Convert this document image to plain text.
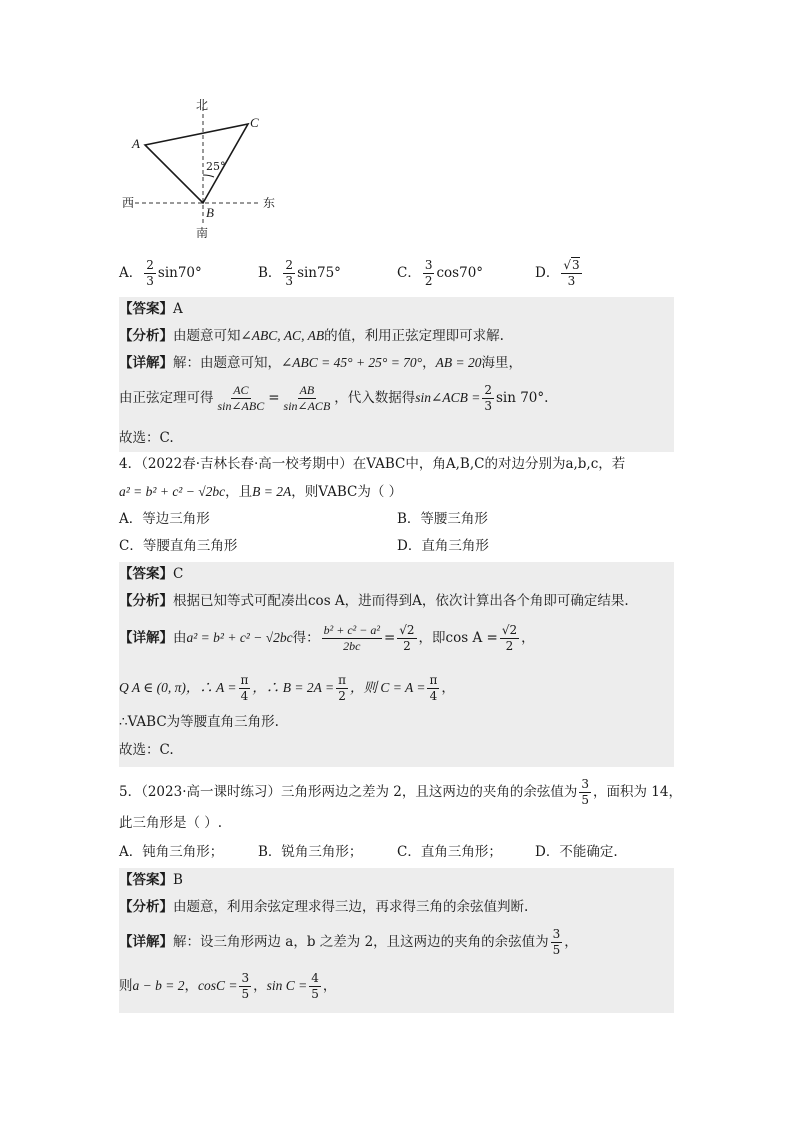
北
南
西	东
A
B
C
25°
A． $\frac{2}{3} \sin 70^\circ$	B． $\frac{2}{3} \sin 75^\circ$	C． $\frac{3}{2} \cos 70^\circ$	D． $\frac{√3}{3}$
【答案】A
【分析】由题意可知∠ABC, AC, AB的值，利用正弦定理即可求解.
【详解】解：由题意可知，∠ABC = 45° + 25° = 70°，AB = 20海里，
由正弦定理可得 $\frac{AC}{\text{sin∠ABC}} = \frac{AB}{\text{sin∠ACB}}$ ，代入数据得sin∠ACB = $\frac{2}{3}$ sin 70°.
故选：C.
4．（2022春·吉林长春·高一校考期中）在VABC中，角A,B,C的对边分别为a,b,c，若
a² = b² + c² − √2bc，且B = 2A，则VABC为（ ）
A．等边三角形	B．等腰三角形
C．等腰直角三角形	D．直角三角形
【答案】C
【分析】根据已知等式可配凑出cos A，进而得到A，依次计算出各个角即可确定结果.
【详解】由a² = b² + c² − √2bc得： $\frac{\text{b² + c² − a²}}{2bc} = \frac{√2}{2}$ ，即$\cos A = \frac{√2}{2}$ ，
Q A ∈ (0, π)，∴ $A = \frac{\pi}{4}$ ，∴ $B = 2A = \frac{\pi}{2}$ ，则 $C = A = \frac{\pi}{4}$ ，
∴VABC为等腰直角三角形.
故选：C.
5．（2023·高一课时练习）三角形两边之差为 2，且这两边的夹角的余弦值为 $\frac{3}{5}$ ，面积为 14，
此三角形是（ ）.
A．钝角三角形；	B．锐角三角形；	C．直角三角形； D．不能确定.
【答案】B
【分析】由题意，利用余弦定理求得三边，再求得三角的余弦值判断.
【详解】解：设三角形两边 a，b 之差为 2，且这两边的夹角的余弦值为 $\frac{3}{5}$ ，
则a − b = 2，$\cos C = \frac{3}{5}$ ，$\sin C = \frac{4}{5}$ ，
